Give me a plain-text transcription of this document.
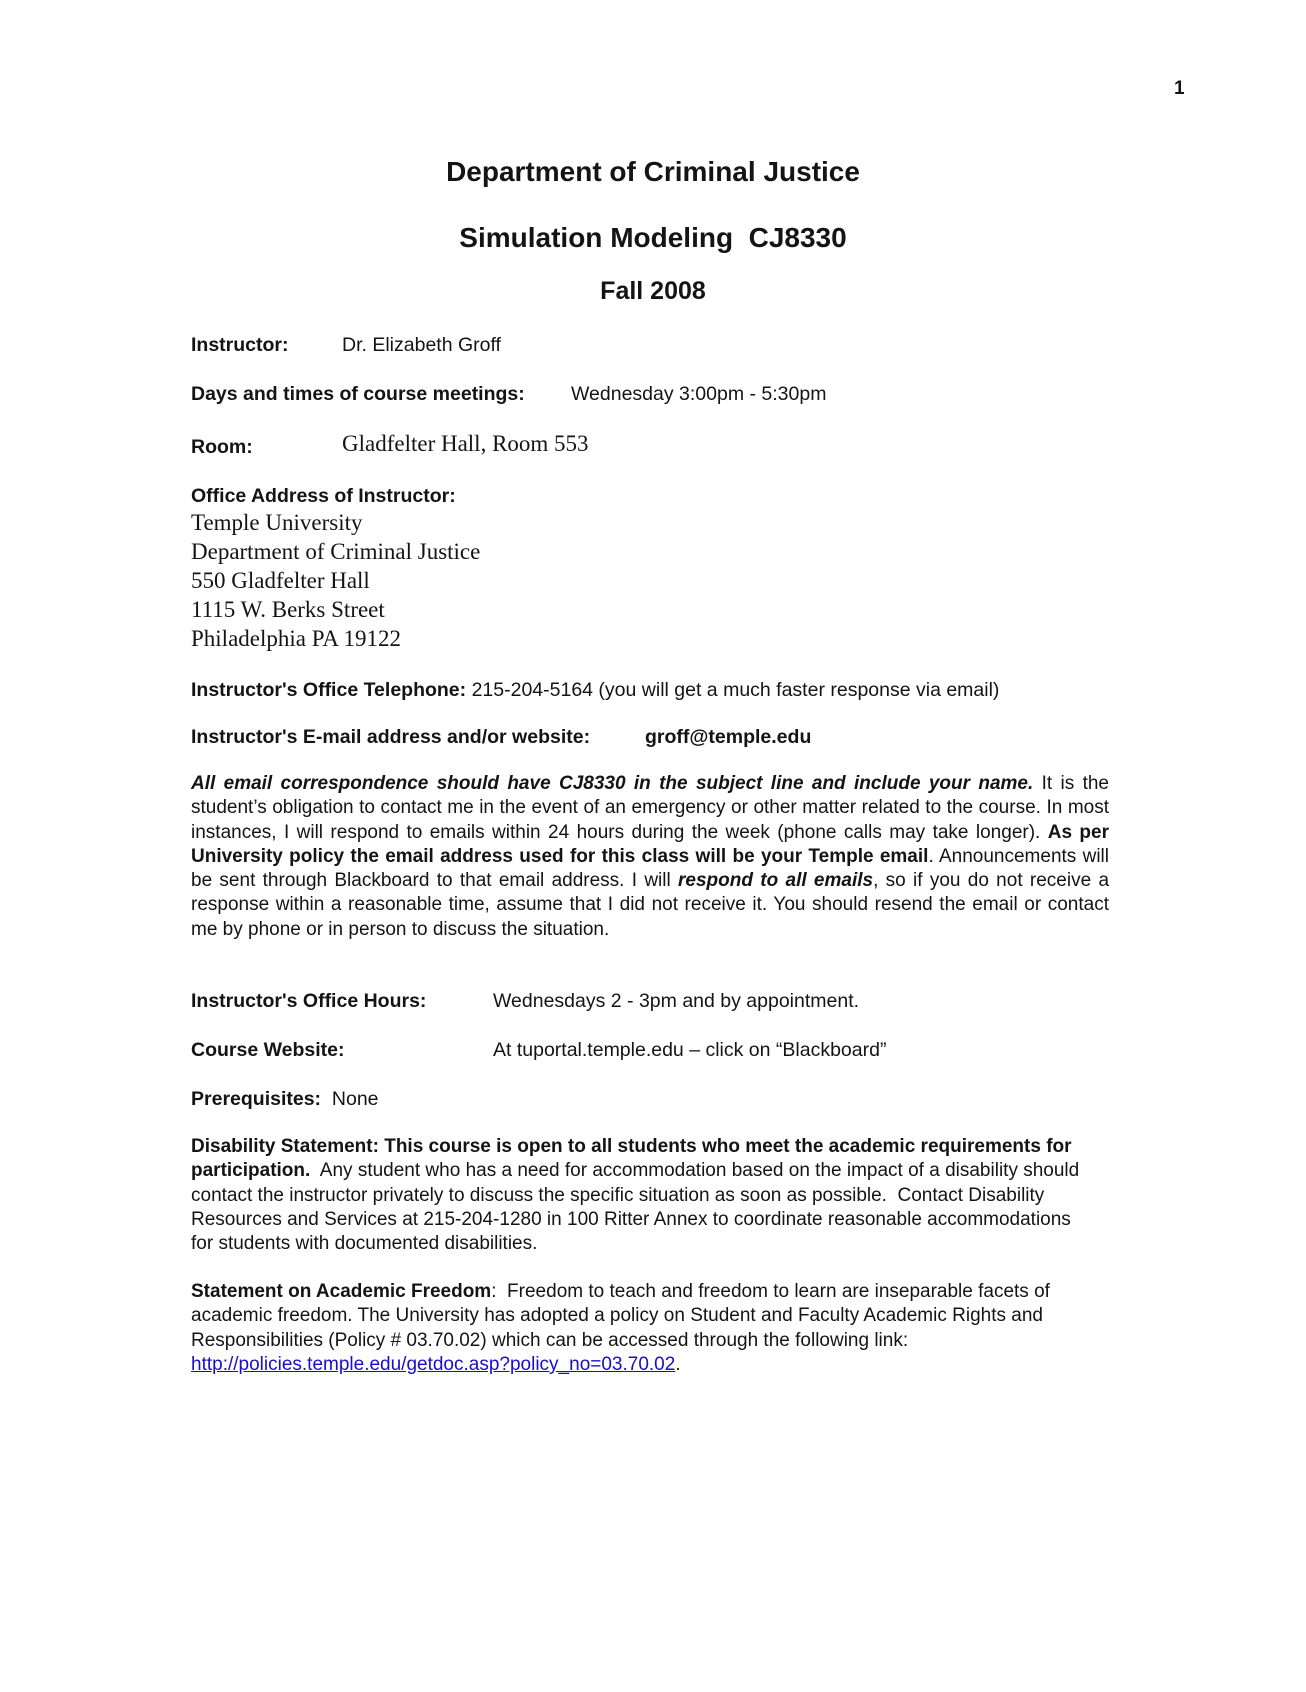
1
Department of Criminal Justice
Simulation Modeling  CJ8330
Fall 2008
Instructor:	Dr. Elizabeth Groff
Days and times of course meetings: Wednesday 3:00pm - 5:30pm
Room:	Gladfelter Hall, Room 553
Office Address of Instructor:
Temple University
Department of Criminal Justice
550 Gladfelter Hall
1115 W. Berks Street
Philadelphia PA 19122
Instructor's Office Telephone: 215-204-5164 (you will get a much faster response via email)
Instructor's E-mail address and/or website:	groff@temple.edu
All email correspondence should have CJ8330 in the subject line and include your name. It is the student’s obligation to contact me in the event of an emergency or other matter related to the course. In most instances, I will respond to emails within 24 hours during the week (phone calls may take longer). As per University policy the email address used for this class will be your Temple email. Announcements will be sent through Blackboard to that email address. I will respond to all emails, so if you do not receive a response within a reasonable time, assume that I did not receive it. You should resend the email or contact me by phone or in person to discuss the situation.
Instructor's Office Hours:	Wednesdays 2 - 3pm and by appointment.
Course Website:	At tuportal.temple.edu – click on “Blackboard”
Prerequisites:  None
Disability Statement: This course is open to all students who meet the academic requirements for participation.  Any student who has a need for accommodation based on the impact of a disability should contact the instructor privately to discuss the specific situation as soon as possible.  Contact Disability Resources and Services at 215-204-1280 in 100 Ritter Annex to coordinate reasonable accommodations for students with documented disabilities.
Statement on Academic Freedom:  Freedom to teach and freedom to learn are inseparable facets of academic freedom. The University has adopted a policy on Student and Faculty Academic Rights and Responsibilities (Policy # 03.70.02) which can be accessed through the following link: http://policies.temple.edu/getdoc.asp?policy_no=03.70.02.
